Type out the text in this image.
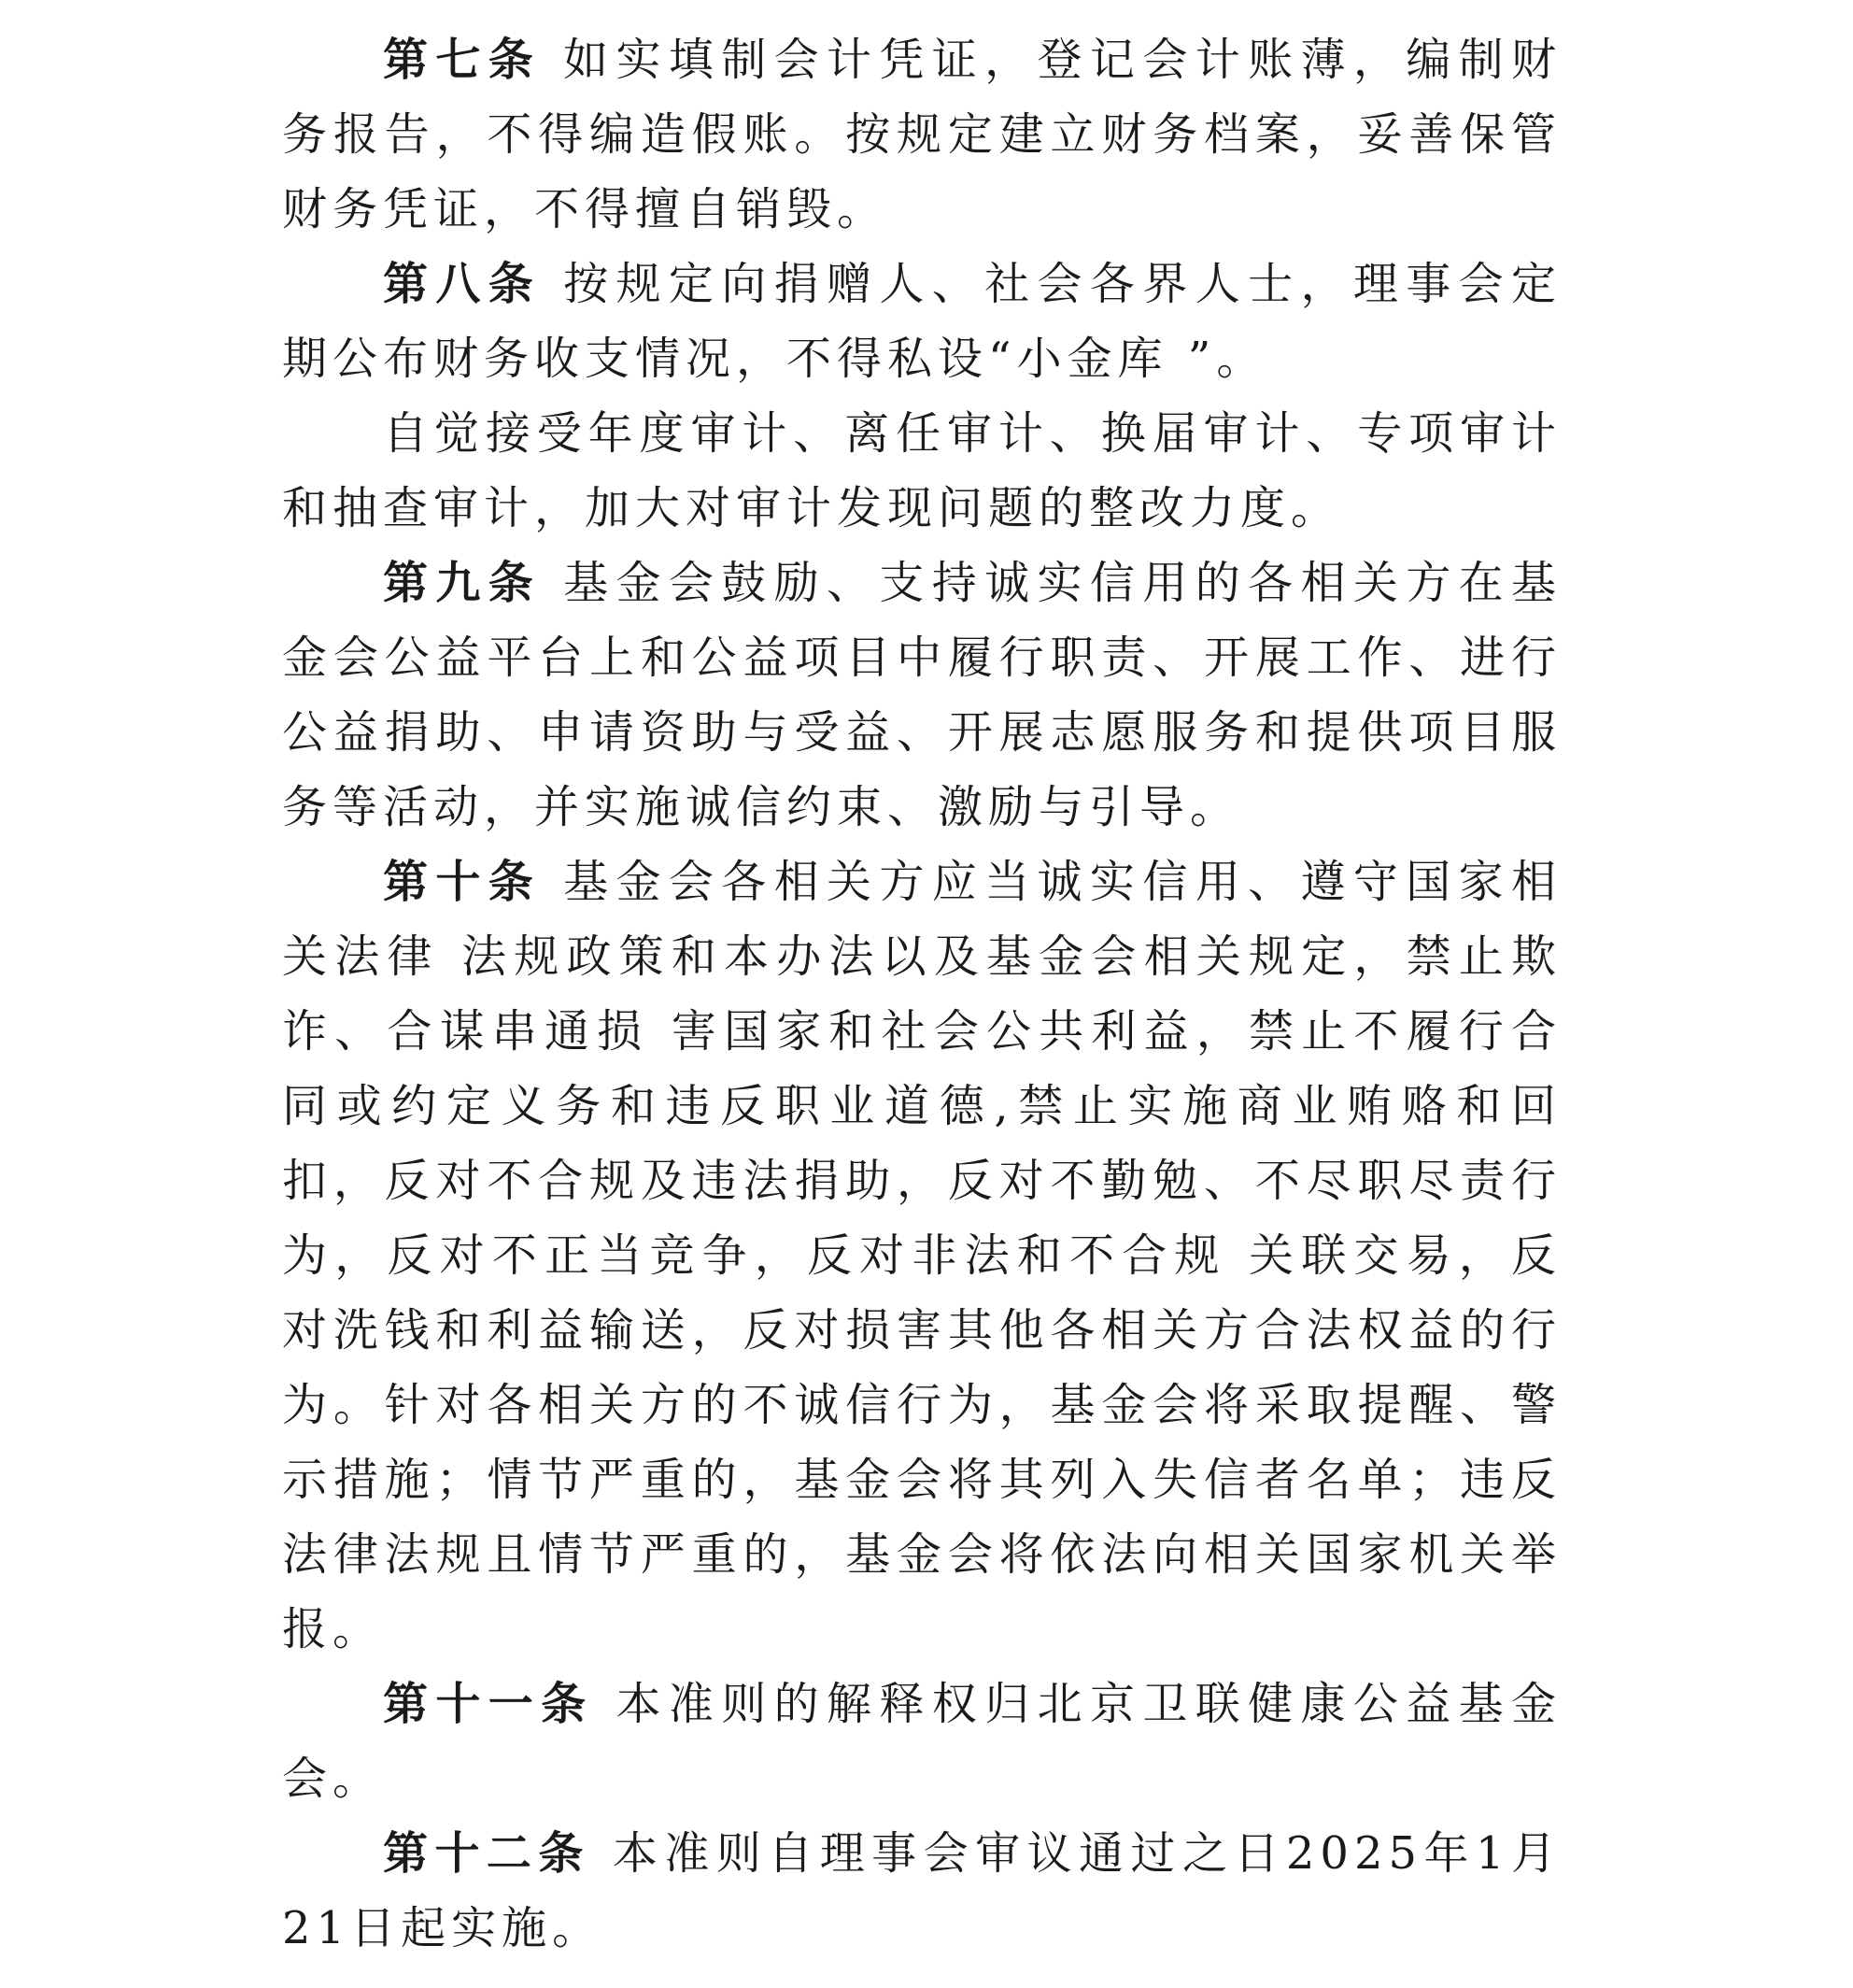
第七条 如实填制会计凭证，登记会计账薄，编制财务报告，不得编造假账。按规定建立财务档案，妥善保管财务凭证，不得擅自销毁。

第八条 按规定向捐赠人、社会各界人士，理事会定期公布财务收支情况，不得私设“小金库 ”。

自觉接受年度审计、离任审计、换届审计、专项审计和抽查审计，加大对审计发现问题的整改力度。

第九条 基金会鼓励、支持诚实信用的各相关方在基金会公益平台上和公益项目中履行职责、开展工作、进行公益捐助、申请资助与受益、开展志愿服务和提供项目服务等活动，并实施诚信约束、激励与引导。

第十条 基金会各相关方应当诚实信用、遵守国家相关法律 法规政策和本办法以及基金会相关规定，禁止欺诈、合谋串通损 害国家和社会公共利益，禁止不履行合同或约定义务和违反职业道德,禁止实施商业贿赂和回扣，反对不合规及违法捐助，反对不勤勉、不尽职尽责行为，反对不正当竞争，反对非法和不合规 关联交易，反对洗钱和利益输送，反对损害其他各相关方合法权益的行为。针对各相关方的不诚信行为，基金会将采取提醒、警示措施；情节严重的，基金会将其列入失信者名单；违反法律法规且情节严重的，基金会将依法向相关国家机关举报。

第十一条 本准则的解释权归北京卫联健康公益基金会。

第十二条 本准则自理事会审议通过之日2025年1月21日起实施。
